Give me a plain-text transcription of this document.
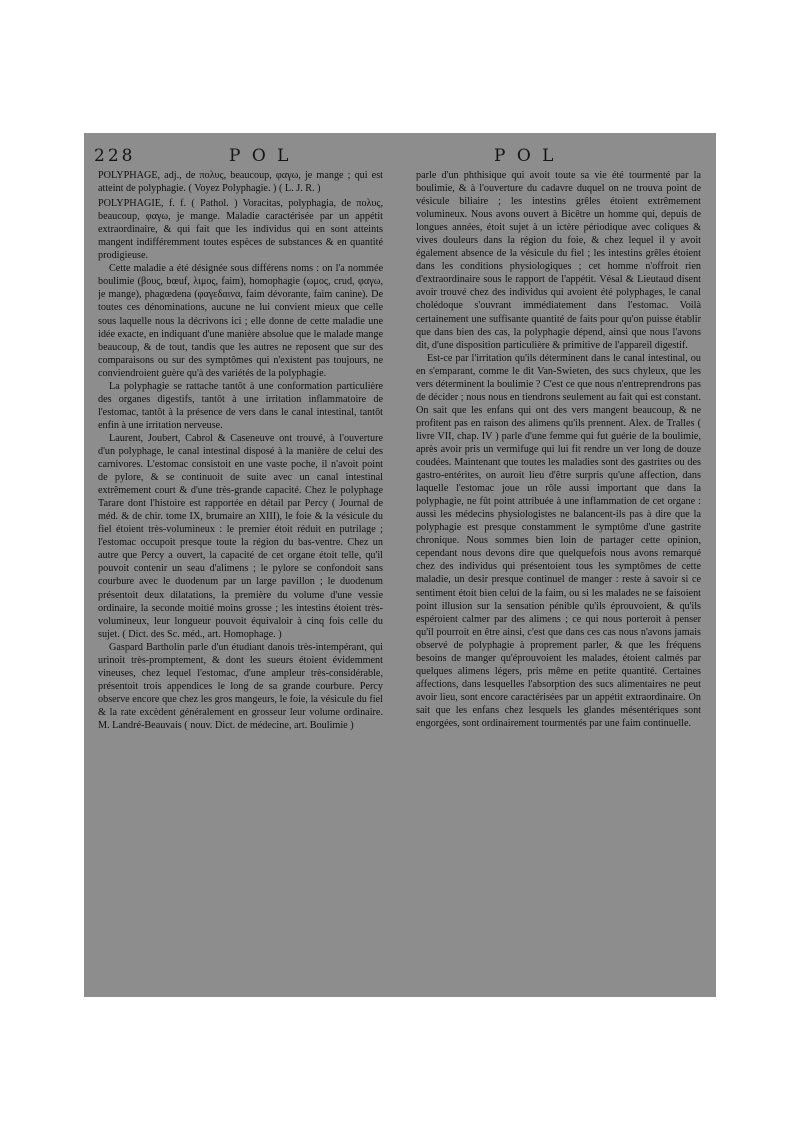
228	P O L	P O L

POLYPHAGE, adj., de πολυς, beaucoup, φαγω, je mange ; qui est atteint de polyphagie. ( Voyez Polyphagie. ) ( L. J. R. )

POLYPHAGIE, f. f. ( Pathol. ) Voracitas, polyphagia, de πολυς, beaucoup, φαγω, je mange. Maladie caractérisée par un appétit extraordinaire, & qui fait que les individus qui en sont atteints mangent indifféremment toutes espèces de substances & en quantité prodigieuse.

Cette maladie a été désignée sous différens noms : on l'a nommée boulimie (βους, bœuf, λιμος, faim), homophagie (ωμος, crud, φαγω, je mange), phagœdena (φαγεδαινα, faim dévorante, faim canine). De toutes ces dénominations, aucune ne lui convient mieux que celle sous laquelle nous la décrivons ici ; elle donne de cette maladie une idée exacte, en indiquant d'une manière absolue que le malade mange beaucoup, & de tout, tandis que les autres ne reposent que sur des comparaisons ou sur des symptômes qui n'existent pas toujours, ne conviendroient guère qu'à des variétés de la polyphagie.

La polyphagie se rattache tantôt à une conformation particulière des organes digestifs, tantôt à une irritation inflammatoire de l'estomac, tantôt à la présence de vers dans le canal intestinal, tantôt enfin à une irritation nerveuse.

Laurent, Joubert, Cabrol & Caseneuve ont trouvé, à l'ouverture d'un polyphage, le canal intestinal disposé à la manière de celui des carnivores. L'estomac consistoit en une vaste poche, il n'avoit point de pylore, & se continuoit de suite avec un canal intestinal extrêmement court & d'une très-grande capacité. Chez le polyphage Tarare dont l'histoire est rapportée en détail par Percy ( Journal de méd. & de chir. tome IX, brumaire an XIII), le foie & la vésicule du fiel étoient très-volumineux : le premier étoit réduit en putrilage ; l'estomac occupoit presque toute la région du bas-ventre. Chez un autre que Percy a ouvert, la capacité de cet organe étoit telle, qu'il pouvoit contenir un seau d'alimens ; le pylore se confondoit sans courbure avec le duodenum par un large pavillon ; le duodenum présentoit deux dilatations, la première du volume d'une vessie ordinaire, la seconde moitié moins grosse ; les intestins étoient très-volumineux, leur longueur pouvoit équivaloir à cinq fois celle du sujet. ( Dict. des Sc. méd., art. Homophage. )

Gaspard Bartholin parle d'un étudiant danois très-intempérant, qui urinoit très-promptement, & dont les sueurs étoient évidemment vineuses, chez lequel l'estomac, d'une ampleur très-considérable, présentoit trois appendices le long de sa grande courbure. Percy observe encore que chez les gros mangeurs, le foie, la vésicule du fiel & la rate excèdent généralement en grosseur leur volume ordinaire. M. Landré-Beauvais ( nouv. Dict. de médecine, art. Boulimie )

parle d'un phthisique qui avoit toute sa vie été tourmenté par la boulimie, & à l'ouverture du cadavre duquel on ne trouva point de vésicule biliaire ; les intestins grêles étoient extrêmement volumineux. Nous avons ouvert à Bicêtre un homme qui, depuis de longues années, étoit sujet à un ictère périodique avec coliques & vives douleurs dans la région du foie, & chez lequel il y avoit également absence de la vésicule du fiel ; les intestins grêles étoient dans les conditions physiologiques ; cet homme n'offroit rien d'extraordinaire sous le rapport de l'appétit. Vésal & Lieutaud disent avoir trouvé chez des individus qui avoient été polyphages, le canal cholédoque s'ouvrant immédiatement dans l'estomac. Voilà certainement une suffisante quantité de faits pour qu'on puisse établir que dans bien des cas, la polyphagie dépend, ainsi que nous l'avons dit, d'une disposition particulière & primitive de l'appareil digestif.

Est-ce par l'irritation qu'ils déterminent dans le canal intestinal, ou en s'emparant, comme le dit Van-Swieten, des sucs chyleux, que les vers déterminent la boulimie ? C'est ce que nous n'entreprendrons pas de décider ; nous nous en tiendrons seulement au fait qui est constant. On sait que les enfans qui ont des vers mangent beaucoup, & ne profitent pas en raison des alimens qu'ils prennent. Alex. de Tralles ( livre VII, chap. IV ) parle d'une femme qui fut guérie de la boulimie, après avoir pris un vermifuge qui lui fit rendre un ver long de douze coudées. Maintenant que toutes les maladies sont des gastrites ou des gastro-entérites, on auroit lieu d'être surpris qu'une affection, dans laquelle l'estomac joue un rôle aussi important que dans la polyphagie, ne fût point attribuée à une inflammation de cet organe : aussi les médecins physiologistes ne balancent-ils pas à dire que la polyphagie est presque constamment le symptôme d'une gastrite chronique. Nous sommes bien loin de partager cette opinion, cependant nous devons dire que quelquefois nous avons remarqué chez des individus qui présentoient tous les symptômes de cette maladie, un desir presque continuel de manger : reste à savoir si ce sentiment étoit bien celui de la faim, ou si les malades ne se faisoient point illusion sur la sensation pénible qu'ils éprouvoient, & qu'ils espéroient calmer par des alimens ; ce qui nous porteroit à penser qu'il pourroit en être ainsi, c'est que dans ces cas nous n'avons jamais observé de polyphagie à proprement parler, & que les fréquens besoins de manger qu'éprouvoient les malades, étoient calmés par quelques alimens légers, pris même en petite quantité. Certaines affections, dans lesquelles l'absorption des sucs alimentaires ne peut avoir lieu, sont encore caractérisées par un appétit extraordinaire. On sait que les enfans chez lesquels les glandes mésentériques sont engorgées, sont ordinairement tourmentés par une faim continuelle.
